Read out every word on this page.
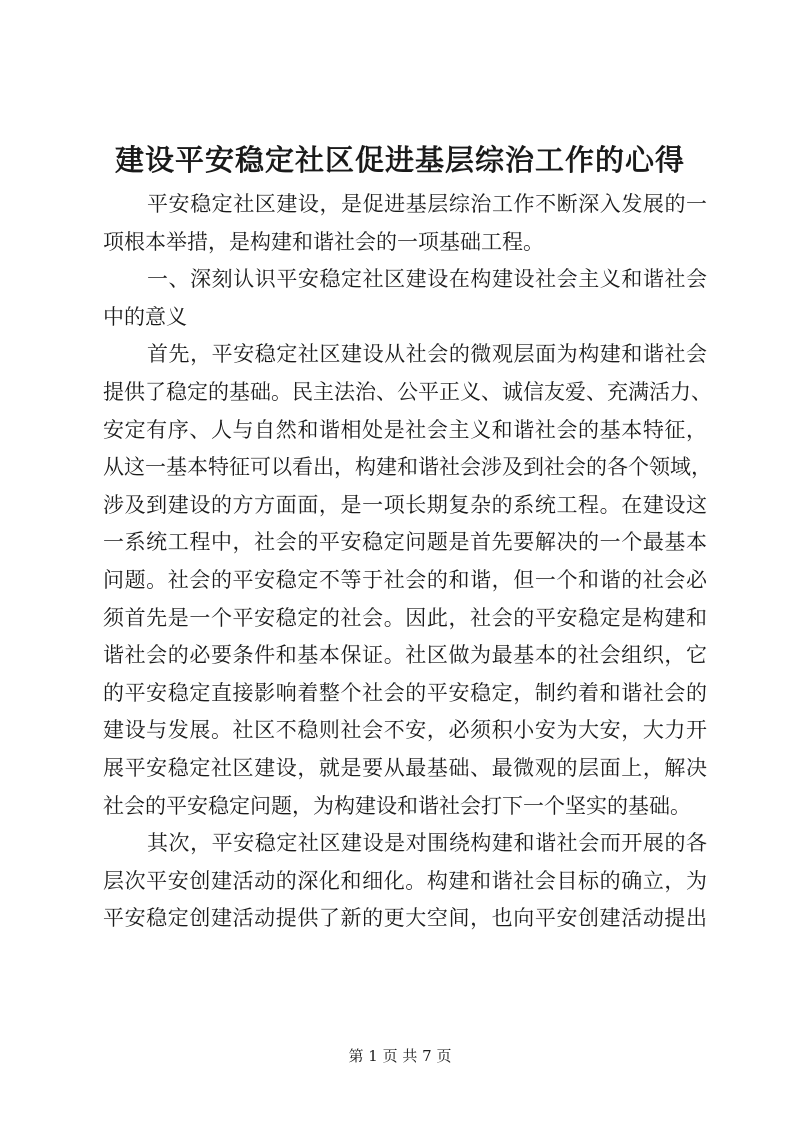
建设平安稳定社区促进基层综治工作的心得
平安稳定社区建设，是促进基层综治工作不断深入发展的一
项根本举措，是构建和谐社会的一项基础工程。
一、深刻认识平安稳定社区建设在构建设社会主义和谐社会
中的意义
首先，平安稳定社区建设从社会的微观层面为构建和谐社会
提供了稳定的基础。民主法治、公平正义、诚信友爱、充满活力、
安定有序、人与自然和谐相处是社会主义和谐社会的基本特征，
从这一基本特征可以看出，构建和谐社会涉及到社会的各个领域，
涉及到建设的方方面面，是一项长期复杂的系统工程。在建设这
一系统工程中，社会的平安稳定问题是首先要解决的一个最基本
问题。社会的平安稳定不等于社会的和谐，但一个和谐的社会必
须首先是一个平安稳定的社会。因此，社会的平安稳定是构建和
谐社会的必要条件和基本保证。社区做为最基本的社会组织，它
的平安稳定直接影响着整个社会的平安稳定，制约着和谐社会的
建设与发展。社区不稳则社会不安，必须积小安为大安，大力开
展平安稳定社区建设，就是要从最基础、最微观的层面上，解决
社会的平安稳定问题，为构建设和谐社会打下一个坚实的基础。
其次，平安稳定社区建设是对围绕构建和谐社会而开展的各
层次平安创建活动的深化和细化。构建和谐社会目标的确立，为
平安稳定创建活动提供了新的更大空间，也向平安创建活动提出
第 1 页 共 7 页
